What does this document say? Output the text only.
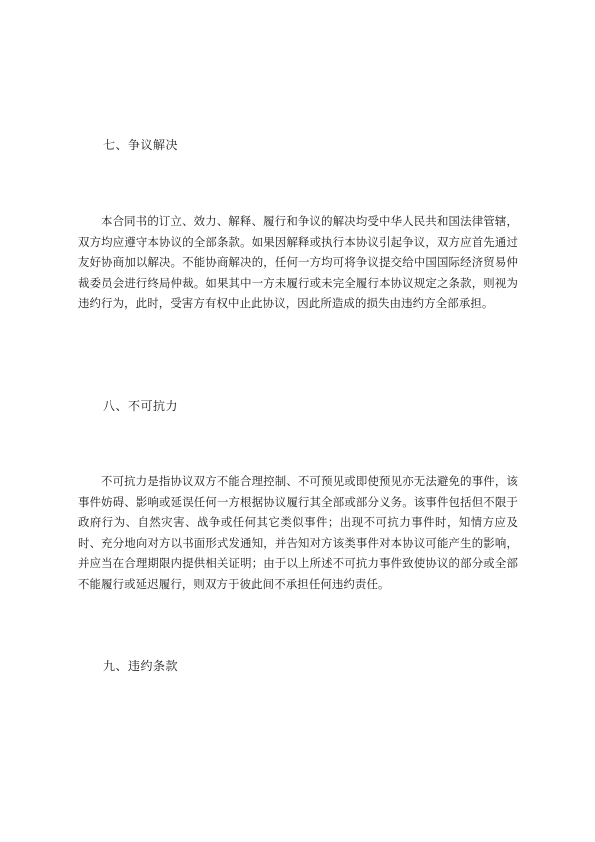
七、争议解决

本合同书的订立、效力、解释、履行和争议的解决均受中华人民共和国法律管辖，双方均应遵守本协议的全部条款。如果因解释或执行本协议引起争议，双方应首先通过友好协商加以解决。不能协商解决的，任何一方均可将争议提交给中国国际经济贸易仲裁委员会进行终局仲裁。如果其中一方未履行或未完全履行本协议规定之条款，则视为违约行为，此时，受害方有权中止此协议，因此所造成的损失由违约方全部承担。

八、不可抗力

不可抗力是指协议双方不能合理控制、不可预见或即使预见亦无法避免的事件，该事件妨碍、影响或延误任何一方根据协议履行其全部或部分义务。该事件包括但不限于政府行为、自然灾害、战争或任何其它类似事件；出现不可抗力事件时，知情方应及时、充分地向对方以书面形式发通知，并告知对方该类事件对本协议可能产生的影响，并应当在合理期限内提供相关证明；由于以上所述不可抗力事件致使协议的部分或全部不能履行或延迟履行，则双方于彼此间不承担任何违约责任。

九、违约条款
